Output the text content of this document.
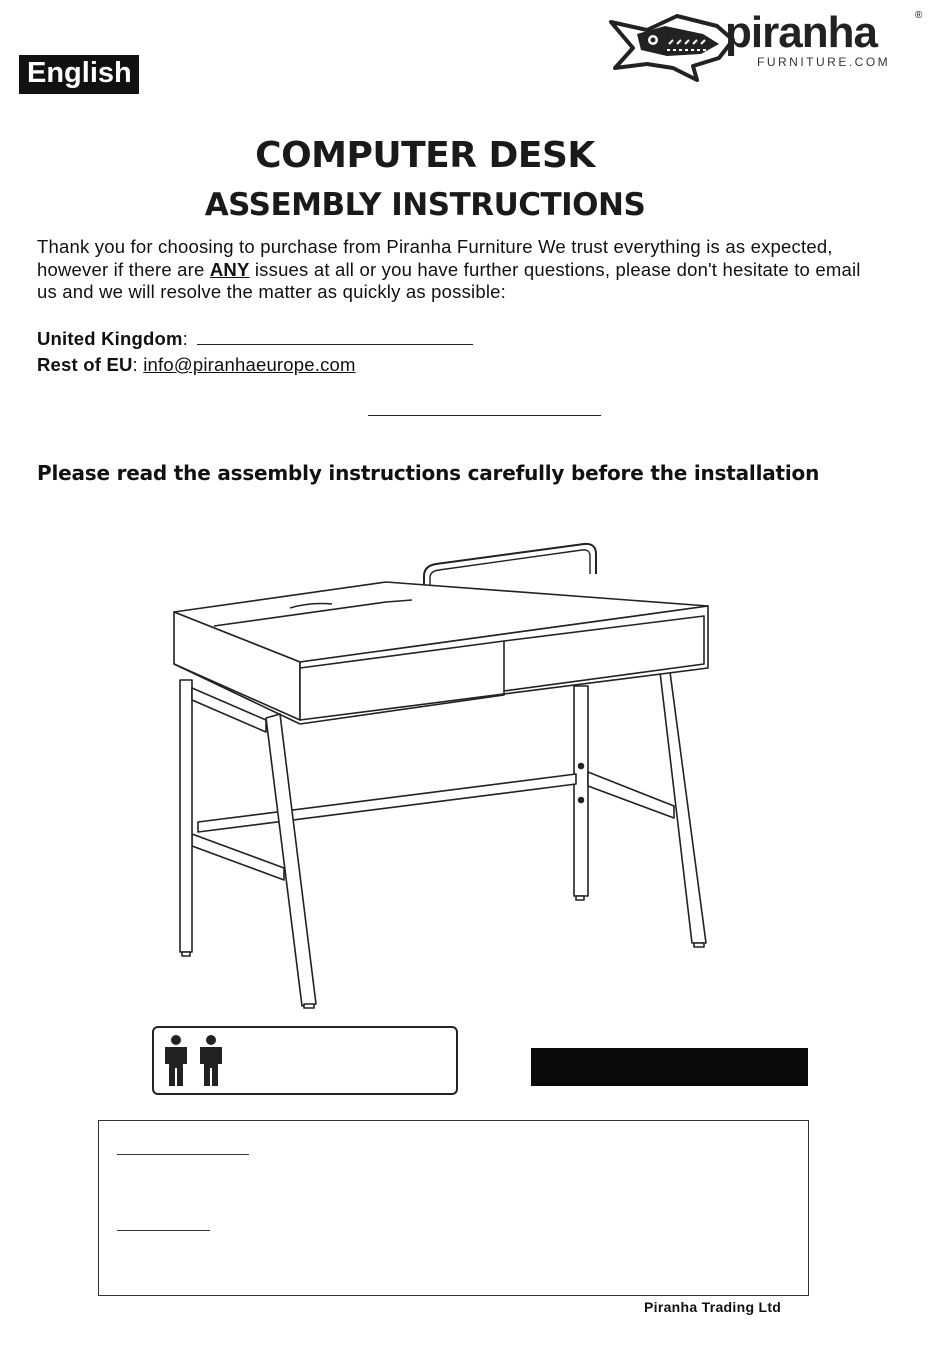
English
piranha	®
FURNITURE.COM
COMPUTER DESK
ASSEMBLY INSTRUCTIONS
Thank you for choosing to purchase from Piranha Furniture We trust everything is as expected, however if there are ANY issues at all or you have further questions, please don't hesitate to email us and we will resolve the matter as quickly as possible:
United Kingdom:
Rest of EU: info@piranhaeurope.com
Please read the assembly instructions carefully before the installation
Piranha Trading Ltd
